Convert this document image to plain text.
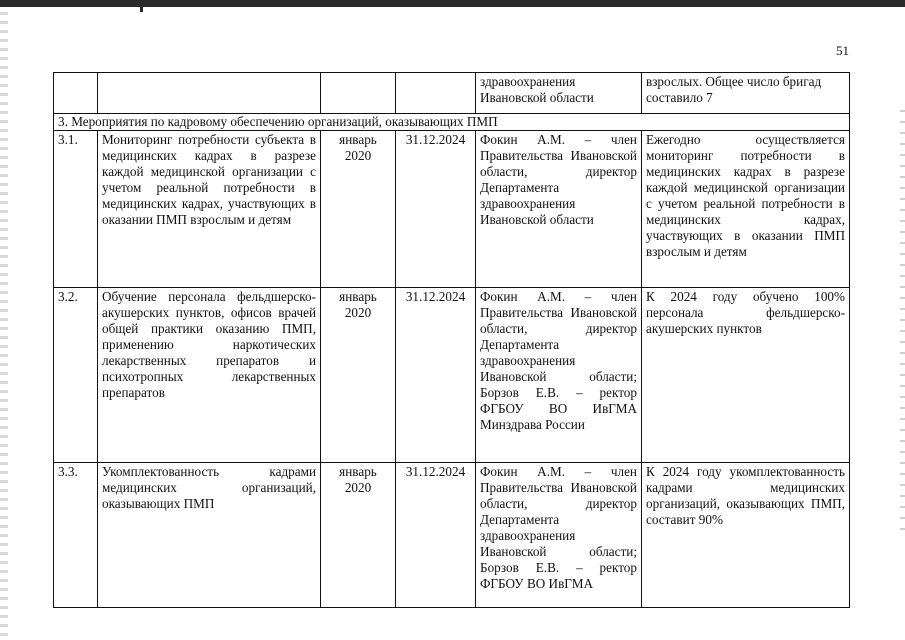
51
				здравоохранения Ивановской области	взрослых. Общее число бригад составило 7
3. Мероприятия по кадровому обеспечению организаций, оказывающих ПМП					
3.1.	Мониторинг потребности субъекта в медицинских кадрах в разрезе каждой медицинской организации с учетом реальной потребности в медицинских кадрах, участвующих в оказании ПМП взрослым и детям	январь 2020	31.12.2024	Фокин А.М. – член Правительства Ивановской области, директор Департамента здравоохранения Ивановской области	Ежегодно осуществляется мониторинг потребности в медицинских кадрах в разрезе каждой медицинской организации с учетом реальной потребности в медицинских кадрах, участвующих в оказании ПМП взрослым и детям
3.2.	Обучение персонала фельдшерско-акушерских пунктов, офисов врачей общей практики оказанию ПМП, применению наркотических лекарственных препаратов и психотропных лекарственных препаратов	январь 2020	31.12.2024	Фокин А.М. – член Правительства Ивановской области, директор Департамента здравоохранения Ивановской области; Борзов Е.В. – ректор ФГБОУ ВО ИвГМА Минздрава России	К 2024 году обучено 100% персонала фельдшерско-акушерских пунктов
3.3.	Укомплектованность кадрами медицинских организаций, оказывающих ПМП	январь 2020	31.12.2024	Фокин А.М. – член Правительства Ивановской области, директор Департамента здравоохранения Ивановской области; Борзов Е.В. – ректор ФГБОУ ВО ИвГМА	К 2024 году укомплектованность кадрами медицинских организаций, оказывающих ПМП, составит 90%
